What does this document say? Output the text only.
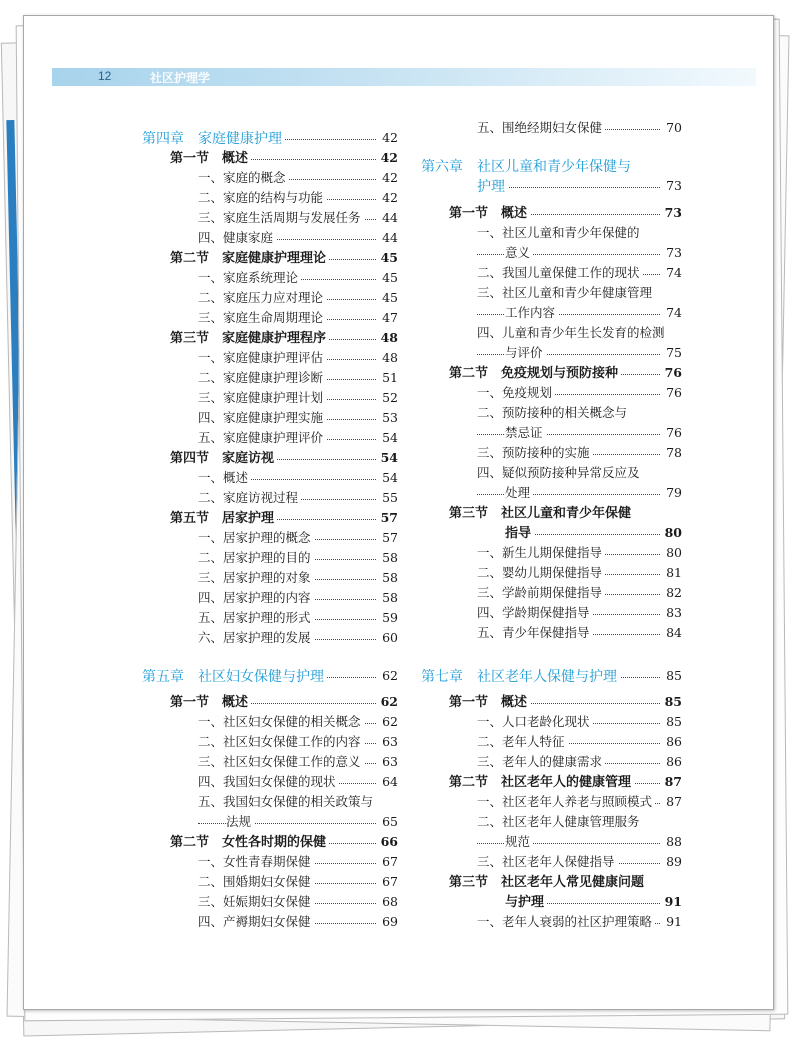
12	社区护理学
第四章　家庭健康护理	42
第一节　概述	42
一、家庭的概念	42
二、家庭的结构与功能	42
三、家庭生活周期与发展任务	44
四、健康家庭	44
第二节　家庭健康护理理论	45
一、家庭系统理论	45
二、家庭压力应对理论	45
三、家庭生命周期理论	47
第三节　家庭健康护理程序	48
一、家庭健康护理评估	48
二、家庭健康护理诊断	51
三、家庭健康护理计划	52
四、家庭健康护理实施	53
五、家庭健康护理评价	54
第四节　家庭访视	54
一、概述	54
二、家庭访视过程	55
第五节　居家护理	57
一、居家护理的概念	57
二、居家护理的目的	58
三、居家护理的对象	58
四、居家护理的内容	58
五、居家护理的形式	59
六、居家护理的发展	60
第五章　社区妇女保健与护理	62
第一节　概述	62
一、社区妇女保健的相关概念	62
二、社区妇女保健工作的内容	63
三、社区妇女保健工作的意义	63
四、我国妇女保健的现状	64
五、我国妇女保健的相关政策与
法规	65
第二节　女性各时期的保健	66
一、女性青春期保健	67
二、围婚期妇女保健	67
三、妊娠期妇女保健	68
四、产褥期妇女保健	69
五、围绝经期妇女保健	70
第六章　社区儿童和青少年保健与
护理	73
第一节　概述	73
一、社区儿童和青少年保健的
意义	73
二、我国儿童保健工作的现状	74
三、社区儿童和青少年健康管理
工作内容	74
四、儿童和青少年生长发育的检测
与评价	75
第二节　免疫规划与预防接种	76
一、免疫规划	76
二、预防接种的相关概念与
禁忌证	76
三、预防接种的实施	78
四、疑似预防接种异常反应及
处理	79
第三节　社区儿童和青少年保健
指导	80
一、新生儿期保健指导	80
二、婴幼儿期保健指导	81
三、学龄前期保健指导	82
四、学龄期保健指导	83
五、青少年保健指导	84
第七章　社区老年人保健与护理	85
第一节　概述	85
一、人口老龄化现状	85
二、老年人特征	86
三、老年人的健康需求	86
第二节　社区老年人的健康管理	87
一、社区老年人养老与照顾模式	87
二、社区老年人健康管理服务
规范	88
三、社区老年人保健指导	89
第三节　社区老年人常见健康问题
与护理	91
一、老年人衰弱的社区护理策略	91
